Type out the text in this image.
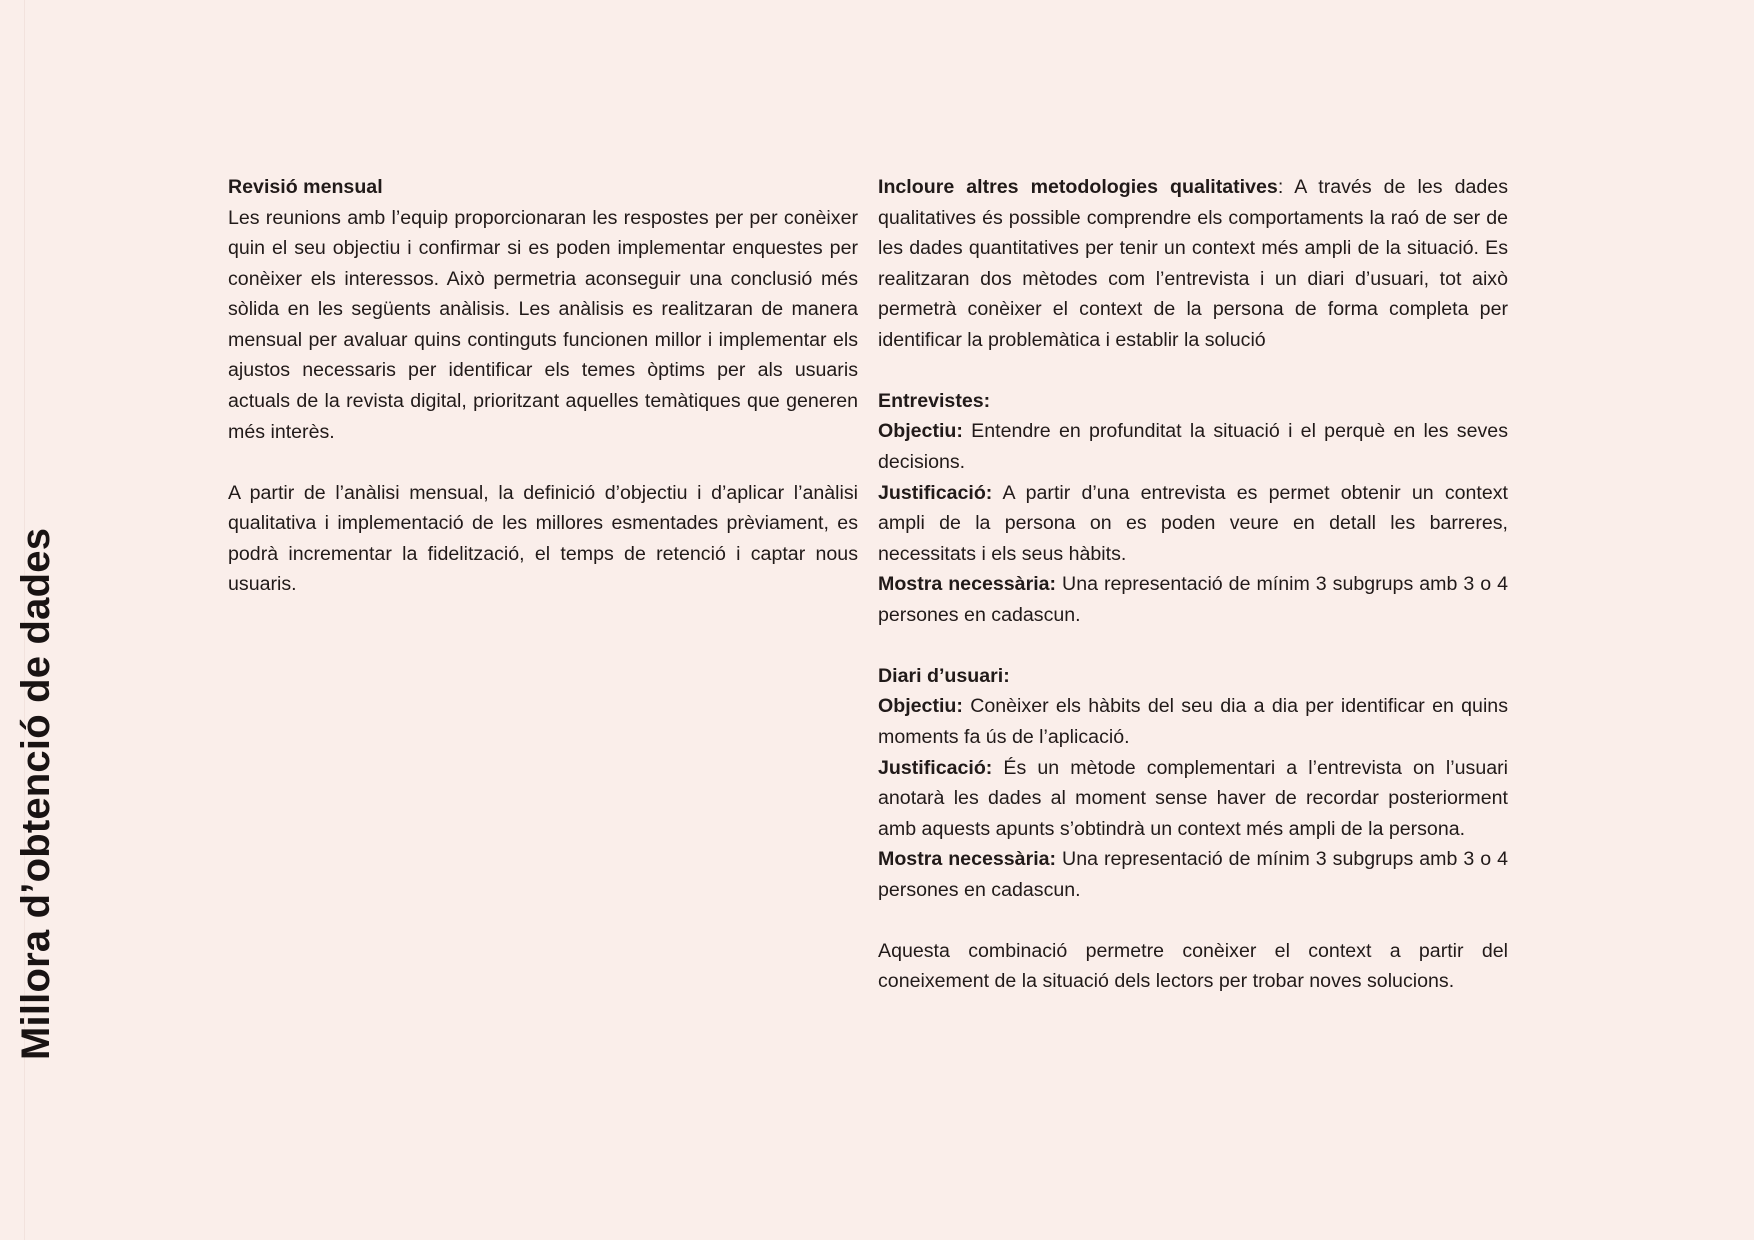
Millora d’obtenció de dades

Revisió mensual

Les reunions amb l’equip proporcionaran les respostes per per conèixer quin el seu objectiu i confirmar si es poden implementar enquestes per conèixer els interessos. Això permetria aconseguir una conclusió més sòlida en les següents anàlisis. Les anàlisis es realitzaran de manera mensual per avaluar quins continguts funcionen millor i implementar els ajustos necessaris per identificar els temes òptims per als usuaris actuals de la revista digital, prioritzant aquelles temàtiques que generen més interès.

A partir de l’anàlisi mensual, la definició d’objectiu i d’aplicar l’anàlisi qualitativa i implementació de les millores esmentades prèviament, es podrà incrementar la fidelització, el temps de retenció i captar nous usuaris.

Incloure altres metodologies qualitatives: A través de les dades qualitatives és possible comprendre els comportaments la raó de ser de les dades quantitatives per tenir un context més ampli de la situació. Es realitzaran dos mètodes com l’entrevista i un diari d’usuari, tot això permetrà conèixer el context de la persona de forma completa per identificar la problemàtica i establir la solució

Entrevistes:

Objectiu: Entendre en profunditat la situació i el perquè en les seves decisions.

Justificació: A partir d’una entrevista es permet obtenir un context ampli de la persona on es poden veure en detall les barreres, necessitats i els seus hàbits.

Mostra necessària: Una representació de mínim 3 subgrups amb 3 o 4 persones en cadascun.

Diari d’usuari:

Objectiu: Conèixer els hàbits del seu dia a dia per identificar en quins moments fa ús de l’aplicació.

Justificació: És un mètode complementari a l’entrevista on l’usuari anotarà les dades al moment sense haver de recordar posteriorment amb aquests apunts s’obtindrà un context més ampli de la persona.

Mostra necessària: Una representació de mínim 3 subgrups amb 3 o 4 persones en cadascun.

Aquesta combinació permetre conèixer el context a partir del coneixement de la situació dels lectors per trobar noves solucions.
